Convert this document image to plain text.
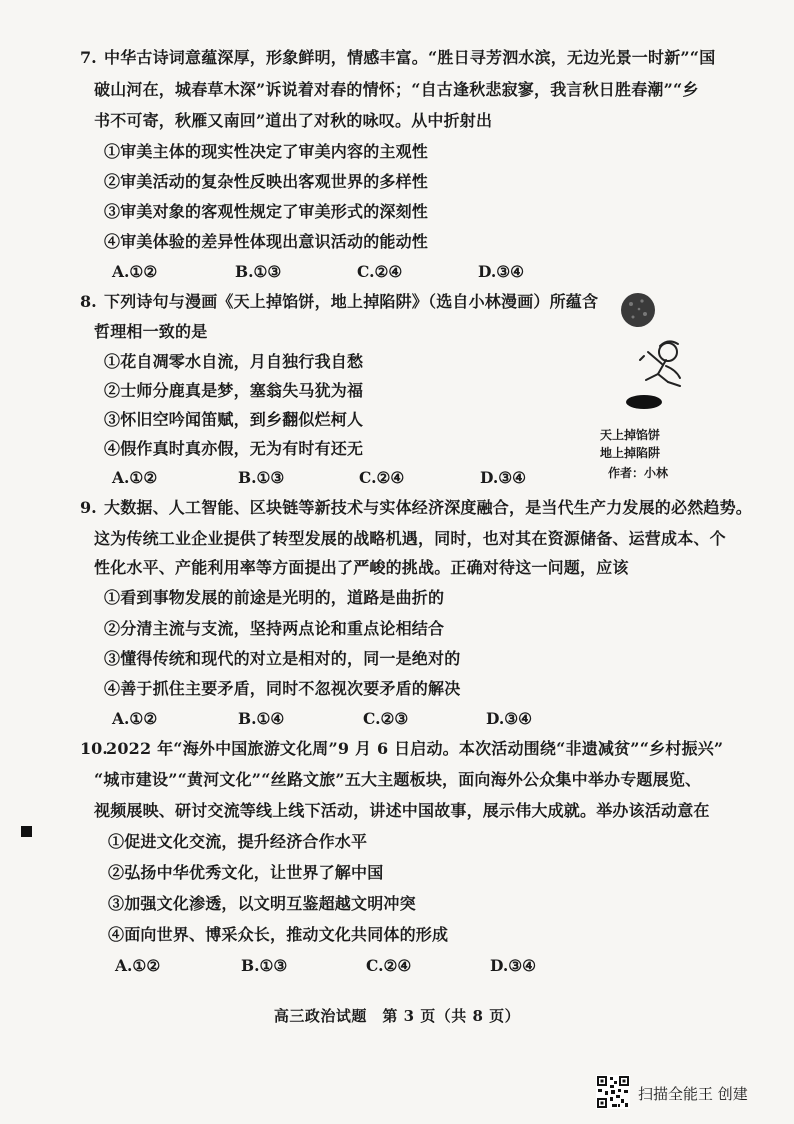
7. 中华古诗词意蕴深厚，形象鲜明，情感丰富。“胜日寻芳泗水滨，无边光景一时新”“国
破山河在，城春草木深”诉说着对春的情怀；“自古逢秋悲寂寥，我言秋日胜春潮”“乡
书不可寄，秋雁又南回”道出了对秋的咏叹。从中折射出
①审美主体的现实性决定了审美内容的主观性
②审美活动的复杂性反映出客观世界的多样性
③审美对象的客观性规定了审美形式的深刻性
④审美体验的差异性体现出意识活动的能动性
A.①②	B.①③	C.②④	D.③④
8. 下列诗句与漫画《天上掉馅饼，地上掉陷阱》（选自小林漫画）所蕴含
哲理相一致的是
①花自凋零水自流，月自独行我自愁
②士师分鹿真是梦，塞翁失马犹为福
③怀旧空吟闻笛赋，到乡翻似烂柯人
④假作真时真亦假，无为有时有还无
A.①②	B.①③	C.②④	D.③④
天上掉馅饼
地上掉陷阱
作者：小林
9. 大数据、人工智能、区块链等新技术与实体经济深度融合，是当代生产力发展的必然趋势。
这为传统工业企业提供了转型发展的战略机遇，同时，也对其在资源储备、运营成本、个
性化水平、产能利用率等方面提出了严峻的挑战。正确对待这一问题，应该
①看到事物发展的前途是光明的，道路是曲折的
②分清主流与支流，坚持两点论和重点论相结合
③懂得传统和现代的对立是相对的，同一是绝对的
④善于抓住主要矛盾，同时不忽视次要矛盾的解决
A.①②	B.①④	C.②③	D.③④
10.
2022 年“海外中国旅游文化周”9 月 6 日启动。本次活动围绕“非遗减贫”“乡村振兴”
“城市建设”“黄河文化”“丝路文旅”五大主题板块，面向海外公众集中举办专题展览、
视频展映、研讨交流等线上线下活动，讲述中国故事，展示伟大成就。举办该活动意在
①促进文化交流，提升经济合作水平
②弘扬中华优秀文化，让世界了解中国
③加强文化渗透，以文明互鉴超越文明冲突
④面向世界、博采众长，推动文化共同体的形成
A.①②	B.①③	C.②④	D.③④
高三政治试题　第 3 页（共 8 页）
扫描全能王 创建
